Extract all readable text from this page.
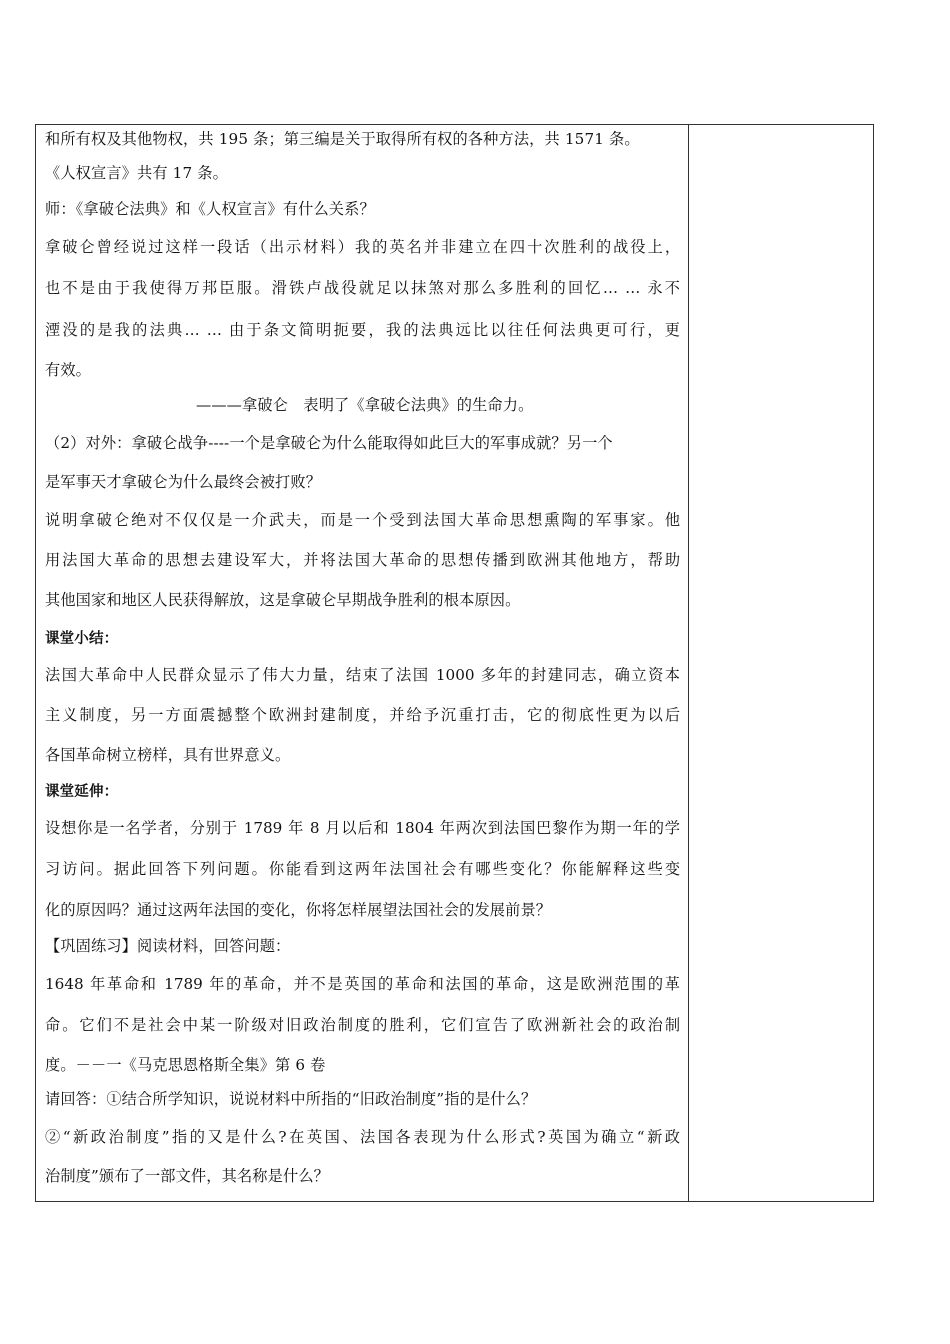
和所有权及其他物权，共 195 条；第三编是关于取得所有权的各种方法，共 1571 条。
《人权宣言》共有 17 条。
师：《拿破仑法典》和《人权宣言》有什么关系？
拿破仑曾经说过这样一段话（出示材料）我的英名并非建立在四十次胜利的战役上，
也不是由于我使得万邦臣服。滑铁卢战役就足以抹煞对那么多胜利的回忆… … 永不
湮没的是我的法典… … 由于条文简明扼要，我的法典远比以往任何法典更可行，更
有效。
———拿破仑　表明了《拿破仑法典》的生命力。
（2）对外：拿破仑战争----一个是拿破仑为什么能取得如此巨大的军事成就？另一个
是军事天才拿破仑为什么最终会被打败？
说明拿破仑绝对不仅仅是一介武夫，而是一个受到法国大革命思想熏陶的军事家。他
用法国大革命的思想去建设军大，并将法国大革命的思想传播到欧洲其他地方，帮助
其他国家和地区人民获得解放，这是拿破仑早期战争胜利的根本原因。
课堂小结：
法国大革命中人民群众显示了伟大力量，结束了法国 1000 多年的封建同志，确立资本
主义制度，另一方面震撼整个欧洲封建制度，并给予沉重打击，它的彻底性更为以后
各国革命树立榜样，具有世界意义。
课堂延伸：
设想你是一名学者，分别于 1789 年 8 月以后和 1804 年两次到法国巴黎作为期一年的学
习访问。据此回答下列问题。你能看到这两年法国社会有哪些变化？你能解释这些变
化的原因吗？通过这两年法国的变化，你将怎样展望法国社会的发展前景？
【巩固练习】阅读材料，回答问题：
1648 年革命和 1789 年的革命，并不是英国的革命和法国的革命，这是欧洲范围的革
命。它们不是社会中某一阶级对旧政治制度的胜利，它们宣告了欧洲新社会的政治制
度。－－一《马克思恩格斯全集》第 6 卷
请回答：①结合所学知识，说说材料中所指的“旧政治制度”指的是什么？
②“新政治制度”指的又是什么?在英国、法国各表现为什么形式?英国为确立“新政
治制度”颁布了一部文件，其名称是什么？
